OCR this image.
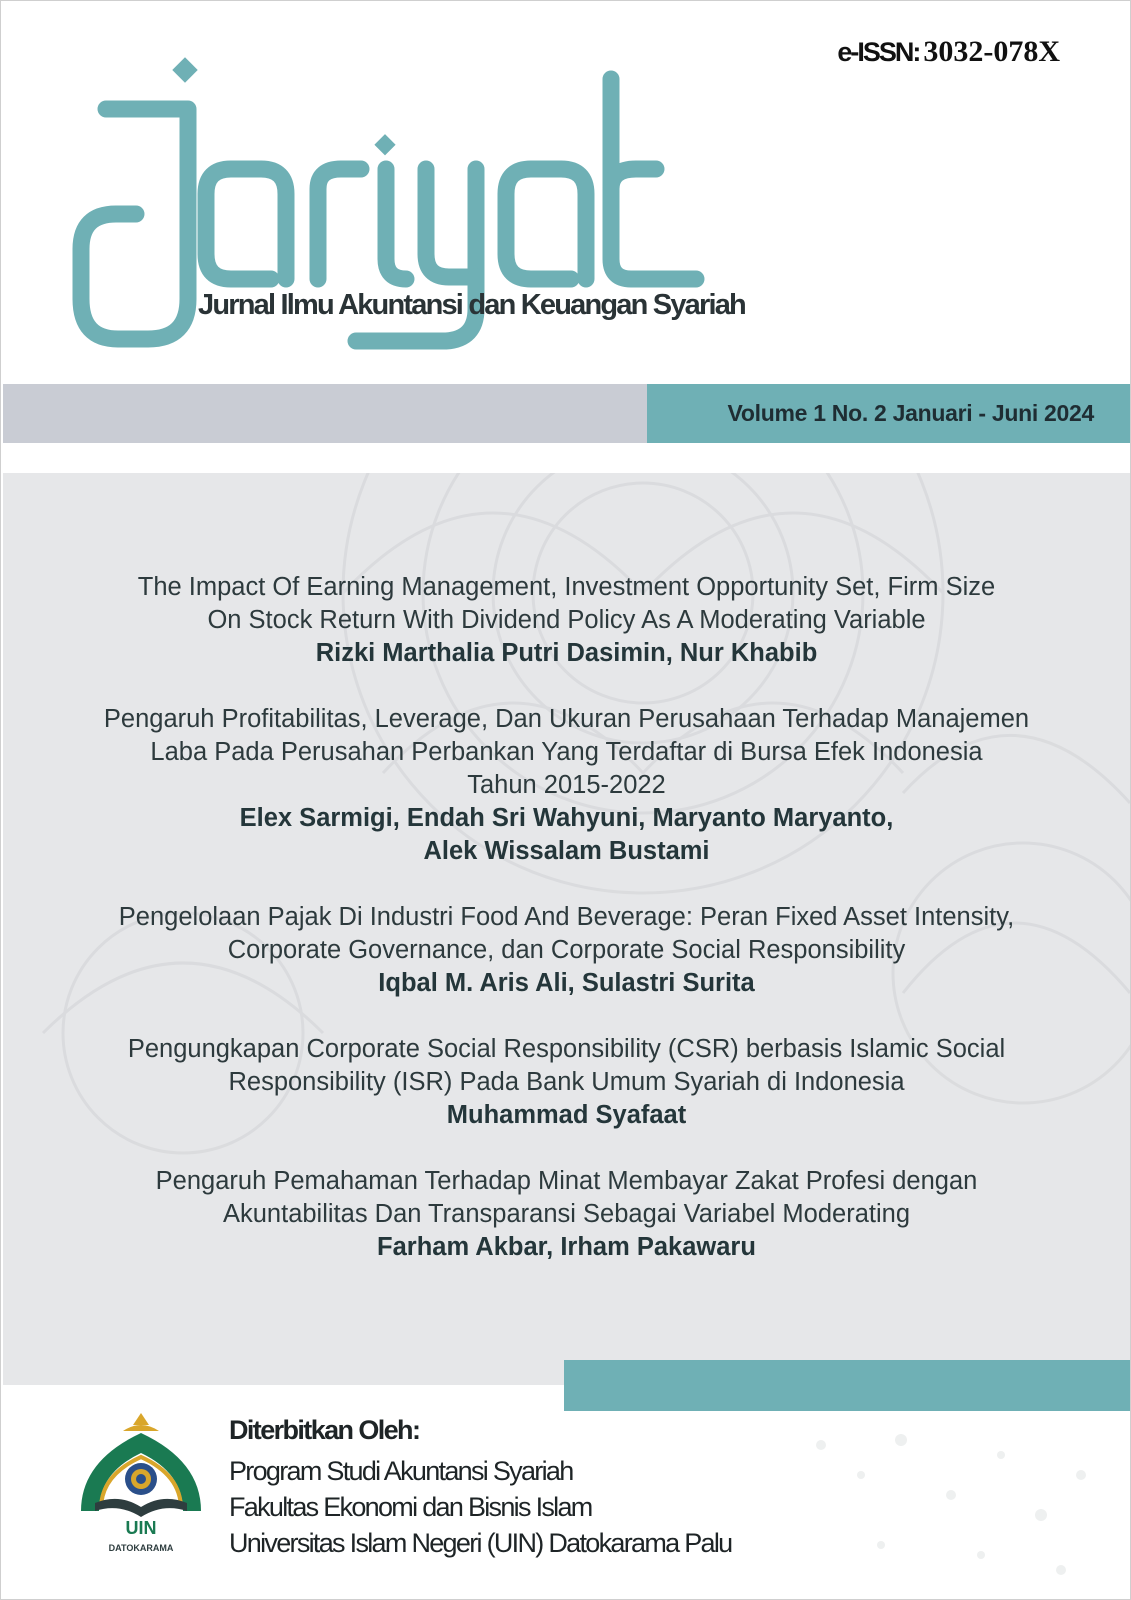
e-ISSN: 3032-078X
Jurnal Ilmu Akuntansi dan Keuangan Syariah
Volume 1 No. 2 Januari - Juni 2024

The Impact Of Earning Management, Investment Opportunity Set, Firm Size

On Stock Return With Dividend Policy As A Moderating Variable

Rizki Marthalia Putri Dasimin, Nur Khabib

Pengaruh Profitabilitas, Leverage, Dan Ukuran Perusahaan Terhadap Manajemen

Laba Pada Perusahan Perbankan Yang Terdaftar di Bursa Efek Indonesia

Tahun 2015-2022

Elex Sarmigi, Endah Sri Wahyuni, Maryanto Maryanto,

Alek Wissalam Bustami

Pengelolaan Pajak Di Industri Food And Beverage: Peran Fixed Asset Intensity,

Corporate Governance, dan Corporate Social Responsibility

Iqbal M. Aris Ali, Sulastri Surita

Pengungkapan Corporate Social Responsibility (CSR) berbasis Islamic Social

Responsibility (ISR) Pada Bank Umum Syariah di Indonesia

Muhammad Syafaat

Pengaruh Pemahaman Terhadap Minat Membayar Zakat Profesi dengan

Akuntabilitas Dan Transparansi Sebagai Variabel Moderating

Farham Akbar, Irham Pakawaru

UIN
DATOKARAMA
Diterbitkan Oleh:
Program Studi Akuntansi Syariah
Fakultas Ekonomi dan Bisnis Islam
Universitas Islam Negeri (UIN) Datokarama Palu
